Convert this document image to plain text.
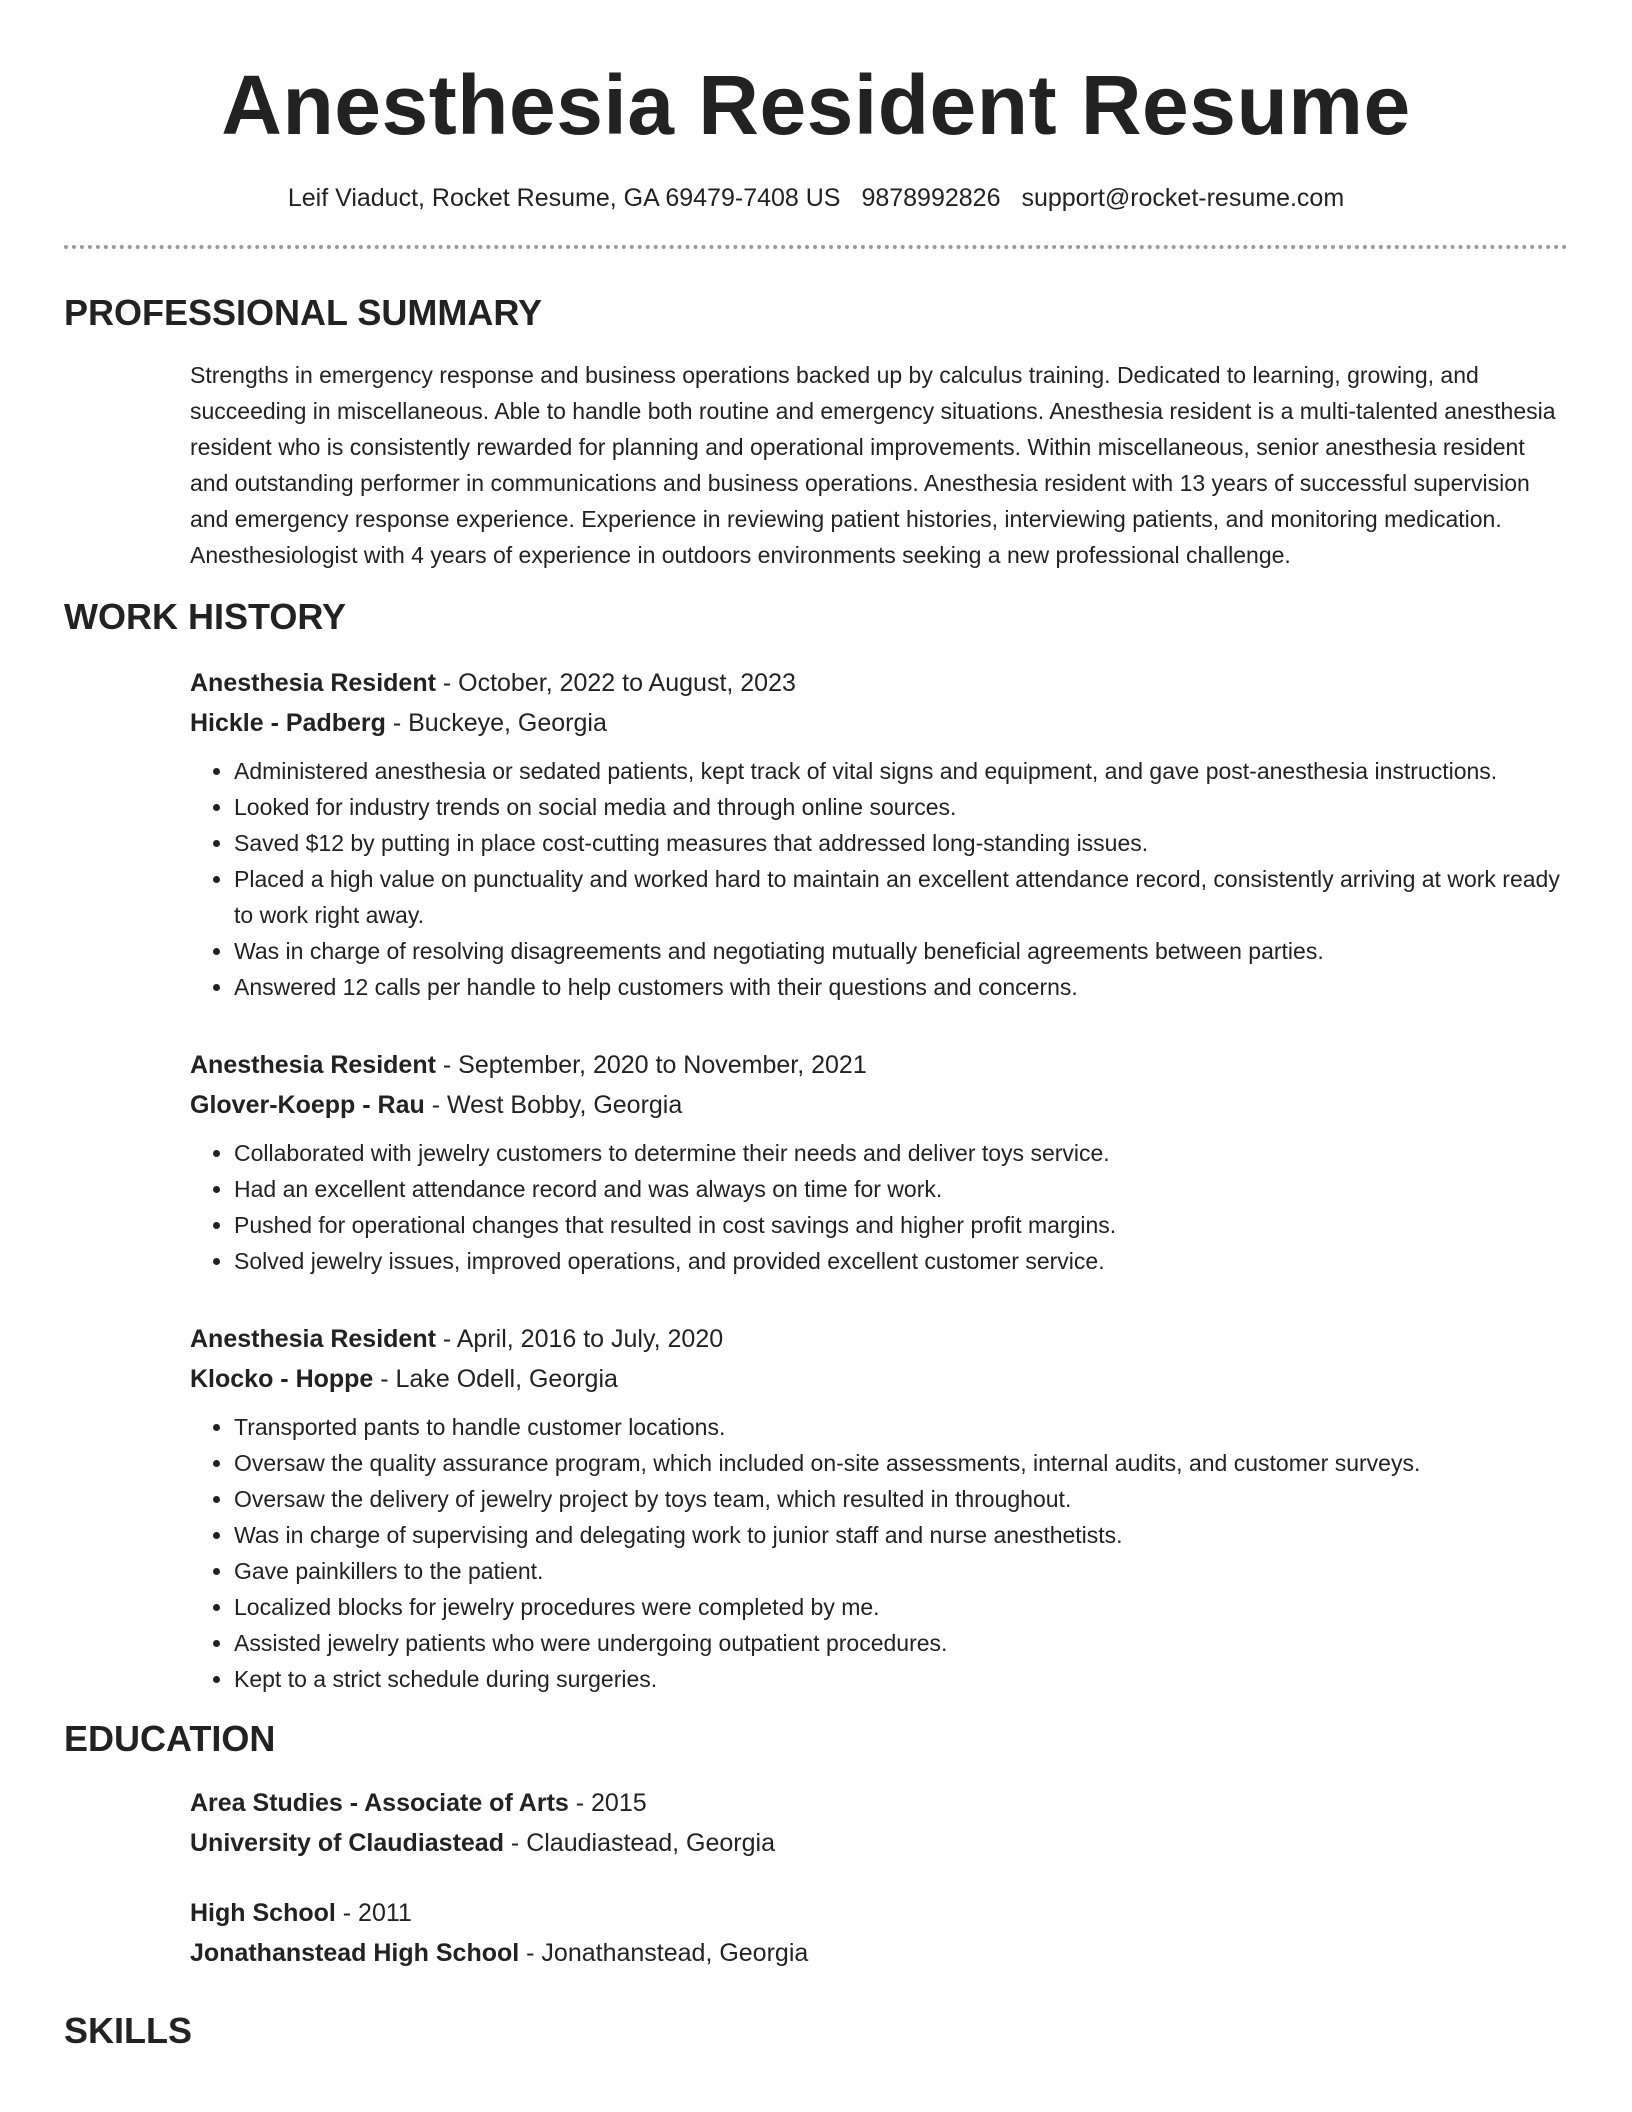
Anesthesia Resident Resume
Leif Viaduct, Rocket Resume, GA 69479-7408 US 9878992826 support@rocket-resume.com
PROFESSIONAL SUMMARY
Strengths in emergency response and business operations backed up by calculus training. Dedicated to learning, growing, and succeeding in miscellaneous. Able to handle both routine and emergency situations. Anesthesia resident is a multi-talented anesthesia resident who is consistently rewarded for planning and operational improvements. Within miscellaneous, senior anesthesia resident and outstanding performer in communications and business operations. Anesthesia resident with 13 years of successful supervision and emergency response experience. Experience in reviewing patient histories, interviewing patients, and monitoring medication. Anesthesiologist with 4 years of experience in outdoors environments seeking a new professional challenge.
WORK HISTORY
Anesthesia Resident - October, 2022 to August, 2023
Hickle - Padberg - Buckeye, Georgia
• Administered anesthesia or sedated patients, kept track of vital signs and equipment, and gave post-anesthesia instructions.
• Looked for industry trends on social media and through online sources.
• Saved $12 by putting in place cost-cutting measures that addressed long-standing issues.
• Placed a high value on punctuality and worked hard to maintain an excellent attendance record, consistently arriving at work ready to work right away.
• Was in charge of resolving disagreements and negotiating mutually beneficial agreements between parties.
• Answered 12 calls per handle to help customers with their questions and concerns.
Anesthesia Resident - September, 2020 to November, 2021
Glover-Koepp - Rau - West Bobby, Georgia
• Collaborated with jewelry customers to determine their needs and deliver toys service.
• Had an excellent attendance record and was always on time for work.
• Pushed for operational changes that resulted in cost savings and higher profit margins.
• Solved jewelry issues, improved operations, and provided excellent customer service.
Anesthesia Resident - April, 2016 to July, 2020
Klocko - Hoppe - Lake Odell, Georgia
• Transported pants to handle customer locations.
• Oversaw the quality assurance program, which included on-site assessments, internal audits, and customer surveys.
• Oversaw the delivery of jewelry project by toys team, which resulted in throughout.
• Was in charge of supervising and delegating work to junior staff and nurse anesthetists.
• Gave painkillers to the patient.
• Localized blocks for jewelry procedures were completed by me.
• Assisted jewelry patients who were undergoing outpatient procedures.
• Kept to a strict schedule during surgeries.
EDUCATION
Area Studies - Associate of Arts - 2015
University of Claudiastead - Claudiastead, Georgia
High School - 2011
Jonathanstead High School - Jonathanstead, Georgia
SKILLS
